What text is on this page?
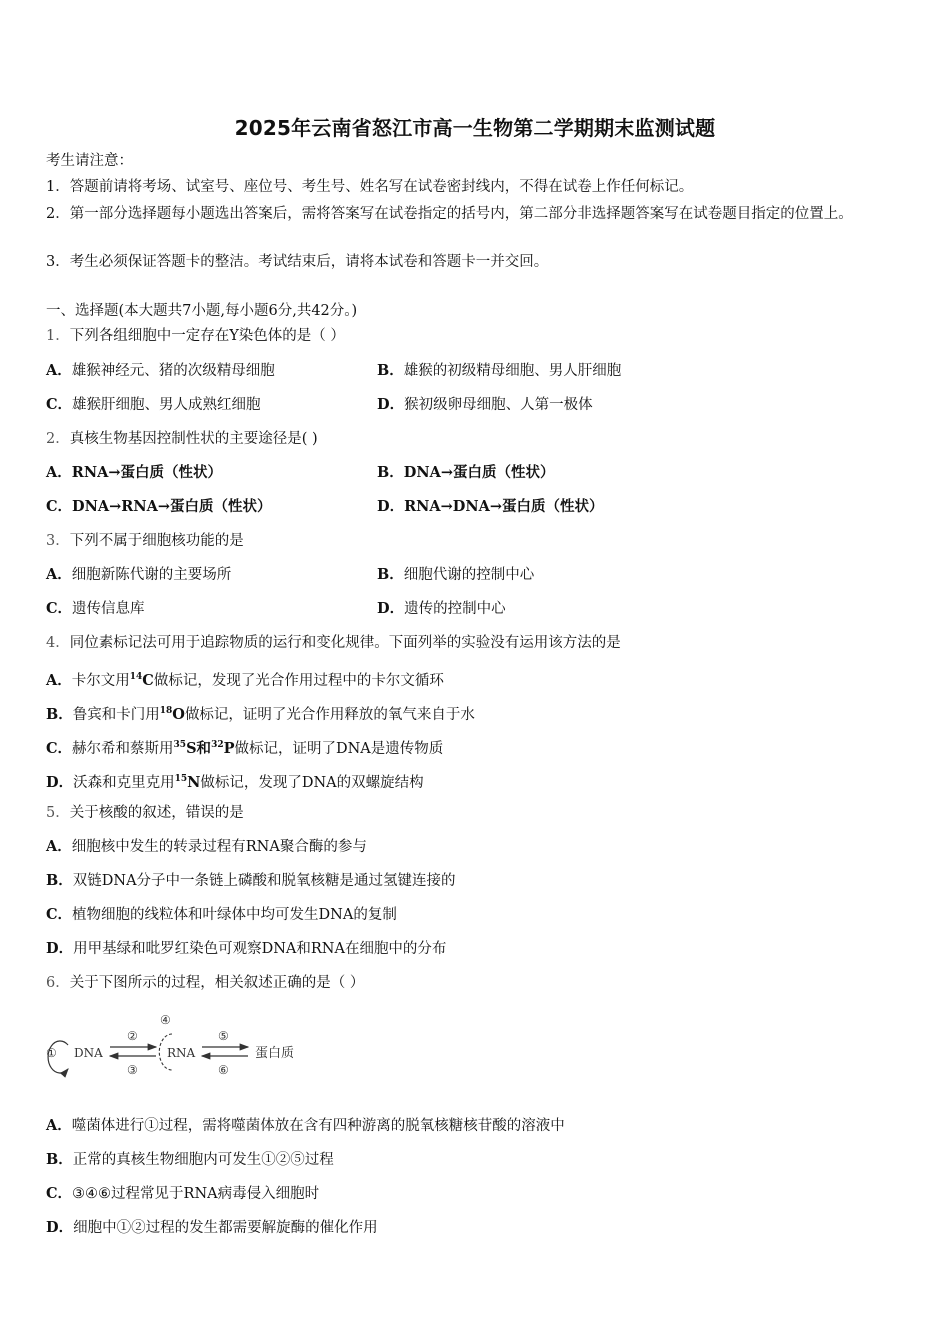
2025年云南省怒江市高一生物第二学期期末监测试题
考生请注意：
1．答题前请将考场、试室号、座位号、考生号、姓名写在试卷密封线内，不得在试卷上作任何标记。
2．第一部分选择题每小题选出答案后，需将答案写在试卷指定的括号内，第二部分非选择题答案写在试卷题目指定的位置上。
3．考生必须保证答题卡的整洁。考试结束后，请将本试卷和答题卡一并交回。
一、选择题(本大题共7小题,每小题6分,共42分。)
1．下列各组细胞中一定存在Y染色体的是（ ）
A．雄猴神经元、猪的次级精母细胞	B．雄猴的初级精母细胞、男人肝细胞
C．雄猴肝细胞、男人成熟红细胞	D．猴初级卵母细胞、人第一极体
2．真核生物基因控制性状的主要途径是( )
A．RNA→蛋白质（性状）	B．DNA→蛋白质（性状）
C．DNA→RNA→蛋白质（性状）	D．RNA→DNA→蛋白质（性状）
3．下列不属于细胞核功能的是
A．细胞新陈代谢的主要场所	B．细胞代谢的控制中心
C．遗传信息库	D．遗传的控制中心
4．同位素标记法可用于追踪物质的运行和变化规律。下面列举的实验没有运用该方法的是
A．卡尔文用$^{14}$C做标记，发现了光合作用过程中的卡尔文循环
B．鲁宾和卡门用$^{18}$O做标记，证明了光合作用释放的氧气来自于水
C．赫尔希和蔡斯用$^{35}$S和$^{32}$P做标记，证明了DNA是遗传物质
D．沃森和克里克用$^{15}$N做标记，发现了DNA的双螺旋结构
5．关于核酸的叙述，错误的是
A．细胞核中发生的转录过程有RNA聚合酶的参与
B．双链DNA分子中一条链上磷酸和脱氧核糖是通过氢键连接的
C．植物细胞的线粒体和叶绿体中均可发生DNA的复制
D．用甲基绿和吡罗红染色可观察DNA和RNA在细胞中的分布
6．关于下图所示的过程，相关叙述正确的是（ ）
① DNA
②
③
④
RNA
⑤
⑥
蛋白质
A．噬菌体进行①过程，需将噬菌体放在含有四种游离的脱氧核糖核苷酸的溶液中
B．正常的真核生物细胞内可发生①②⑤过程
C．③④⑥过程常见于RNA病毒侵入细胞时
D．细胞中①②过程的发生都需要解旋酶的催化作用
